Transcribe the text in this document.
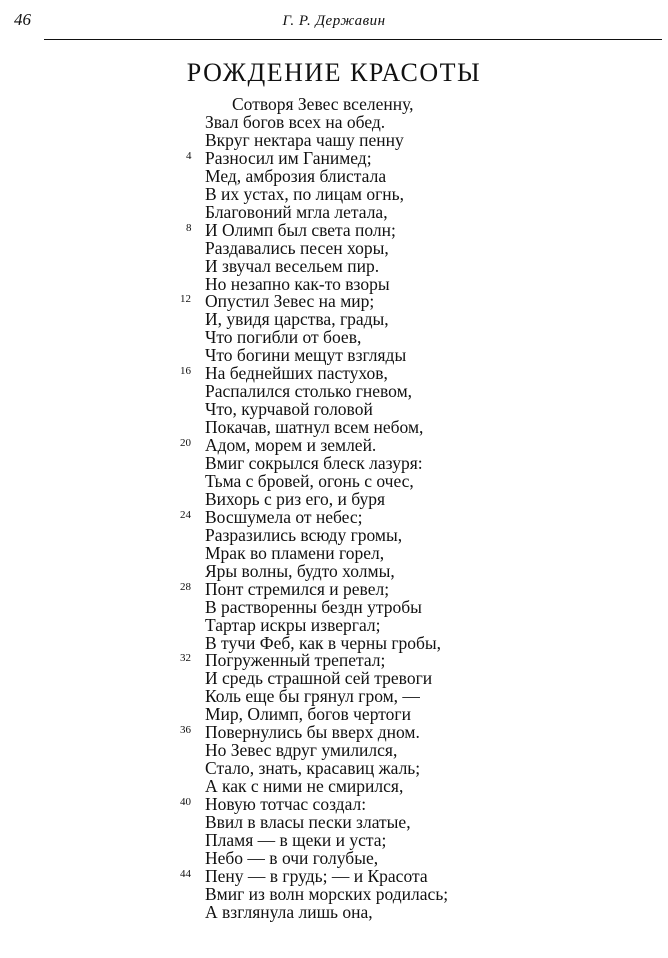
46	Г. Р. Державин
РОЖДЕНИЕ КРАСОТЫ
Сотворя Зевес вселенну,
Звал богов всех на обед.
Вкруг нектара чашу пенну
Разносил им Ганимед;
4
Мед, амброзия блистала
В их устах, по лицам огнь,
Благовоний мгла летала,
И Олимп был света полн;
8
Раздавались песен хоры,
И звучал весельем пир.
Но незапно как-то взоры
Опустил Зевес на мир;
12
И, увидя царства, грады,
Что погибли от боев,
Что богини мещут взгляды
На беднейших пастухов,
16
Распалился столько гневом,
Что, курчавой головой
Покачав, шатнул всем небом,
Адом, морем и землей.
20
Вмиг сокрылся блеск лазуря:
Тьма с бровей, огонь с очес,
Вихорь с риз его, и буря
Восшумела от небес;
24
Разразились всюду громы,
Мрак во пламени горел,
Яры волны, будто холмы,
Понт стремился и ревел;
28
В растворенны бездн утробы
Тартар искры извергал;
В тучи Феб, как в черны гробы,
Погруженный трепетал;
32
И средь страшной сей тревоги
Коль еще бы грянул гром, —
Мир, Олимп, богов чертоги
Повернулись бы вверх дном.
36
Но Зевес вдруг умилился,
Стало, знать, красавиц жаль;
А как с ними не смирился,
Новую тотчас создал:
40
Ввил в власы пески златые,
Пламя — в щеки и уста;
Небо — в очи голубые,
Пену — в грудь; — и Красота
44
Вмиг из волн морских родилась;
А взглянула лишь она,
